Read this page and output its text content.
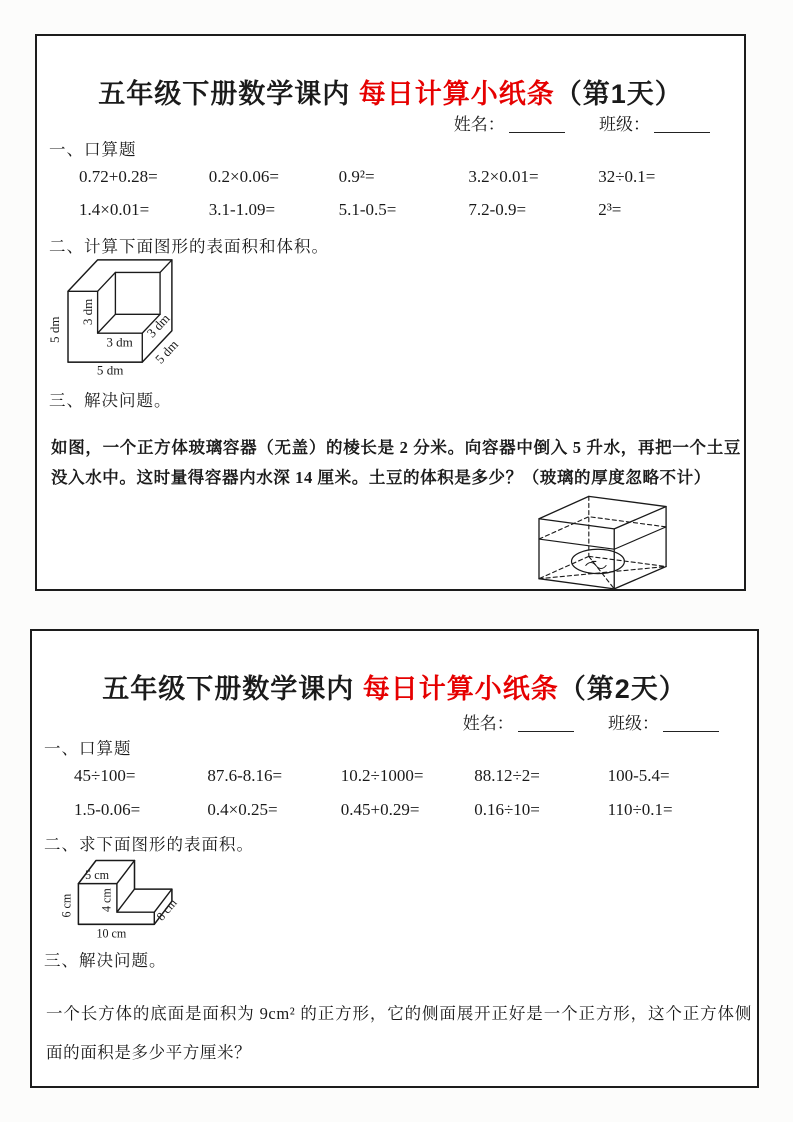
五年级下册数学课内 每日计算小纸条（第1天）
姓名：	班级：
一、口算题
0.72+0.28=	0.2×0.06=	0.9²=	3.2×0.01=	32÷0.1=
1.4×0.01=	3.1-1.09=	5.1-0.5=	7.2-0.9=	2³=
二、计算下面图形的表面积和体积。
5 dm
3 dm
3 dm
3 dm
5 dm
5 dm
三、解决问题。

如图，一个正方体玻璃容器（无盖）的棱长是 2 分米。向容器中倒入 5 升水，再把一个土豆没入水中。这时量得容器内水深 14 厘米。土豆的体积是多少？（玻璃的厚度忽略不计）

五年级下册数学课内 每日计算小纸条（第2天）
姓名：	班级：
一、口算题
45÷100=	87.6-8.16=	10.2÷1000=	88.12÷2=	100-5.4=
1.5-0.06=	0.4×0.25=	0.45+0.29=	0.16÷10=	110÷0.1=
二、求下面图形的表面积。
5 cm
6 cm 4 cm
10 cm
8 cm
三、解决问题。

一个长方体的底面是面积为 9cm² 的正方形，它的侧面展开正好是一个正方形，这个正方体侧面的面积是多少平方厘米？
